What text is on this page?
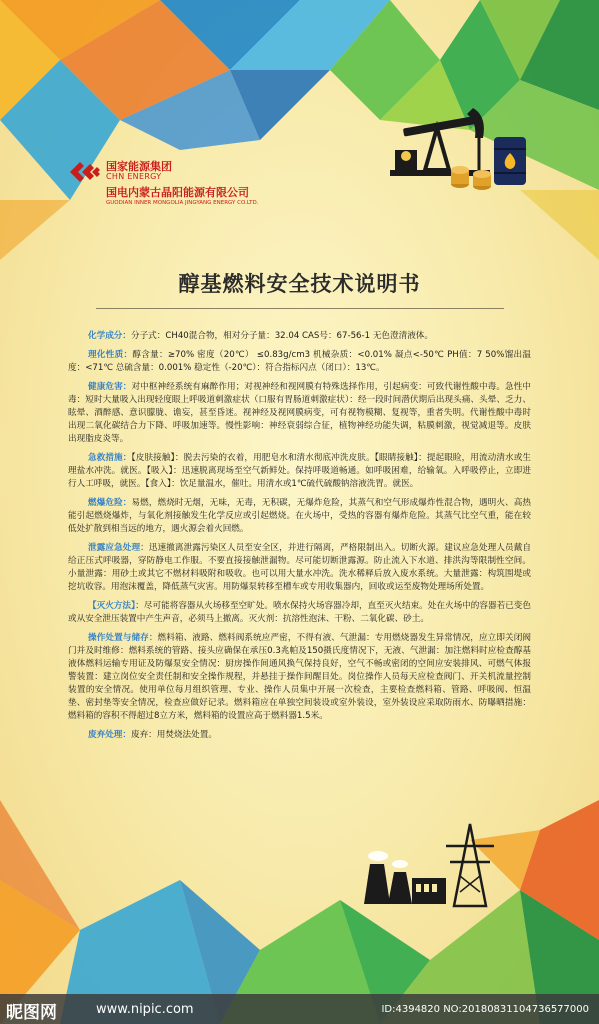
国家能源集团
CHN ENERGY
国电内蒙古晶阳能源有限公司
GUODIAN INNER MONGOLIA JINGYANG ENERGY CO.LTD.
醇基燃料安全技术说明书

化学成分：分子式：CH40混合物，相对分子量：32.04 CAS号：67-56-1 无色澄清液体。

理化性质：醇含量：≥70% 密度（20℃） ≤0.83g/cm3 机械杂质：<0.01% 凝点<-50℃ PH值：7 50%馏出温度：<71℃ 总硫含量：0.001% 稳定性（-20℃）：符合指标闪点（闭口）：13℃。

健康危害：对中枢神经系统有麻醉作用；对视神经和视网膜有特殊选择作用，引起病变：可致代谢性酸中毒。急性中毒：短时大量吸入出现轻度眼上呼吸道刺激症状（口服有胃肠道刺激症状）：经一段时间潜伏期后出现头痛、头晕、乏力、眩晕、酒醉感、意识朦胧、谵妄，甚至昏迷。视神经及视网膜病变，可有视物模糊、复视等，重者失明。代谢性酸中毒时出现二氧化碳结合力下降、呼吸加速等。慢性影响：神经衰弱综合征，植物神经功能失调，粘膜刺激，视觉减退等。皮肤出现脂皮炎等。

急救措施：【皮肤接触】：脱去污染的衣着，用肥皂水和清水彻底冲洗皮肤。【眼睛接触】：提起眼睑，用流动清水或生理盐水冲洗。就医。【吸入】：迅速脱离现场至空气新鲜处。保持呼吸道畅通。如呼吸困难，给输氧。入呼吸停止，立即进行人工呼吸，就医。【食入】：饮足量温水，催吐。用清水或1℃硫代硫酸钠溶液洗胃。就医。

燃爆危险：易燃，燃烧时无烟，无味，无毒，无积碳，无爆炸危险，其蒸气和空气形成爆炸性混合物，遇明火、高热能引起燃烧爆炸，与氧化剂接触发生化学反应或引起燃烧。在火场中，受热的容器有爆炸危险。其蒸气比空气重，能在较低处扩散到相当远的地方，遇火源会着火回燃。

泄露应急处理：迅速撤离泄露污染区人员至安全区，并进行隔离，严格限制出入。切断火源。建议应急处理人员戴自给正压式呼吸器，穿防静电工作服。不要直接接触泄漏物。尽可能切断泄露源。防止流入下水道、排洪沟等限制性空间。小量泄露：用砂土或其它不燃材料吸附和吸收。也可以用大量水冲洗。洗水稀释后放入废水系统。大量泄露：构筑围堤或挖坑收容。用泡沫覆盖，降低蒸气灾害。用防爆泵转移至槽车或专用收集器内，回收或运至废物处理场所处置。

【灭火方法】：尽可能将容器从火场移至空旷处。喷水保持火场容器冷却，直至灭火结束。处在火场中的容器若已变色或从安全泄压装置中产生声音，必须马上撤离。灭火剂：抗溶性泡沫、干粉、二氧化碳、砂土。

操作处置与储存：燃料箱、液路、燃料阀系统应严密，不得有液、气泄漏：专用燃烧器发生异常情况，应立即关闭阀门并及时维修：燃料系统的管路、接头应确保在承压0.3兆帕及150摄氏度情况下，无液、气泄漏：加注燃料时应检查醇基液体燃料运输专用证及防爆泵安全情况：厨房操作间通风换气保持良好，空气不畅或密闭的空间应安装排风、可燃气体报警装置：建立岗位安全责任制和安全操作规程，并悬挂于操作间醒目处。岗位操作人员每天应检查阀门、开关机流量控制装置的安全情况。使用单位每月组织管理、专业、操作人员集中开展一次检查，主要检查燃料箱、管路、呼吸阀、恒温垫、密封垫等安全情况，检查应做好记录。燃料箱应在单独空间装设或室外装设，室外装设应采取防雨水、防曝晒措施：燃料箱的容积不得超过8立方米，燃料箱的设置应高于燃料器1.5米。

废弃处理：废弃：用焚烧法处置。

昵图网	www.nipic.com	ID:4394820 NO:20180831104736577000
